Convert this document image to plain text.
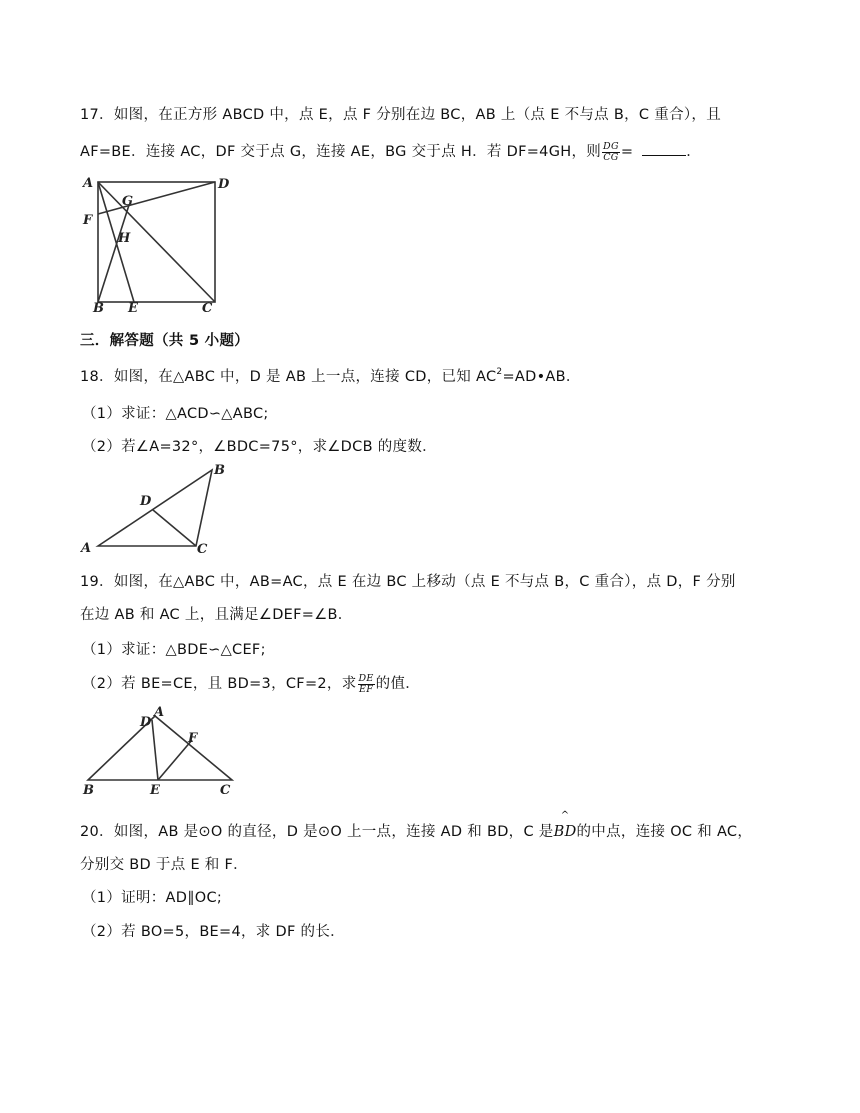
17．如图，在正方形 ABCD 中，点 E，点 F 分别在边 BC，AB 上（点 E 不与点 B，C 重合），且
AF=BE．连接 AC，DF 交于点 G，连接 AE，BG 交于点 H．若 DF=4GH，则 $\frac{DG}{CG}$ =	．
A	D
F
G
H
B E	C
三．解答题（共 5 小题）
18．如图，在△ABC 中，D 是 AB 上一点，连接 CD，已知 $AC^2=AD•AB$．
（1）求证：△ACD∽△ABC;
（2）若∠A=32°，∠BDC=75°，求∠DCB 的度数．
A
B
C
D
19．如图，在△ABC 中，AB=AC，点 E 在边 BC 上移动（点 E 不与点 B，C 重合），点 D，F 分别
在边 AB 和 AC 上，且满足∠DEF=∠B．
（1）求证：△BDE∽△CEF;
（2）若 BE=CE，且 BD=3，CF=2，求 $\frac{DE}{EF}$ 的值．
A
D
F
B	E	C
20．如图，AB 是⊙O 的直径，D 是⊙O 上一点，连接 AD 和 BD，C 是
^
BD的中点，连接 OC 和 AC，
分别交 BD 于点 E 和 F．
（1）证明：AD∥OC;
（2）若 BO=5，BE=4，求 DF 的长．
